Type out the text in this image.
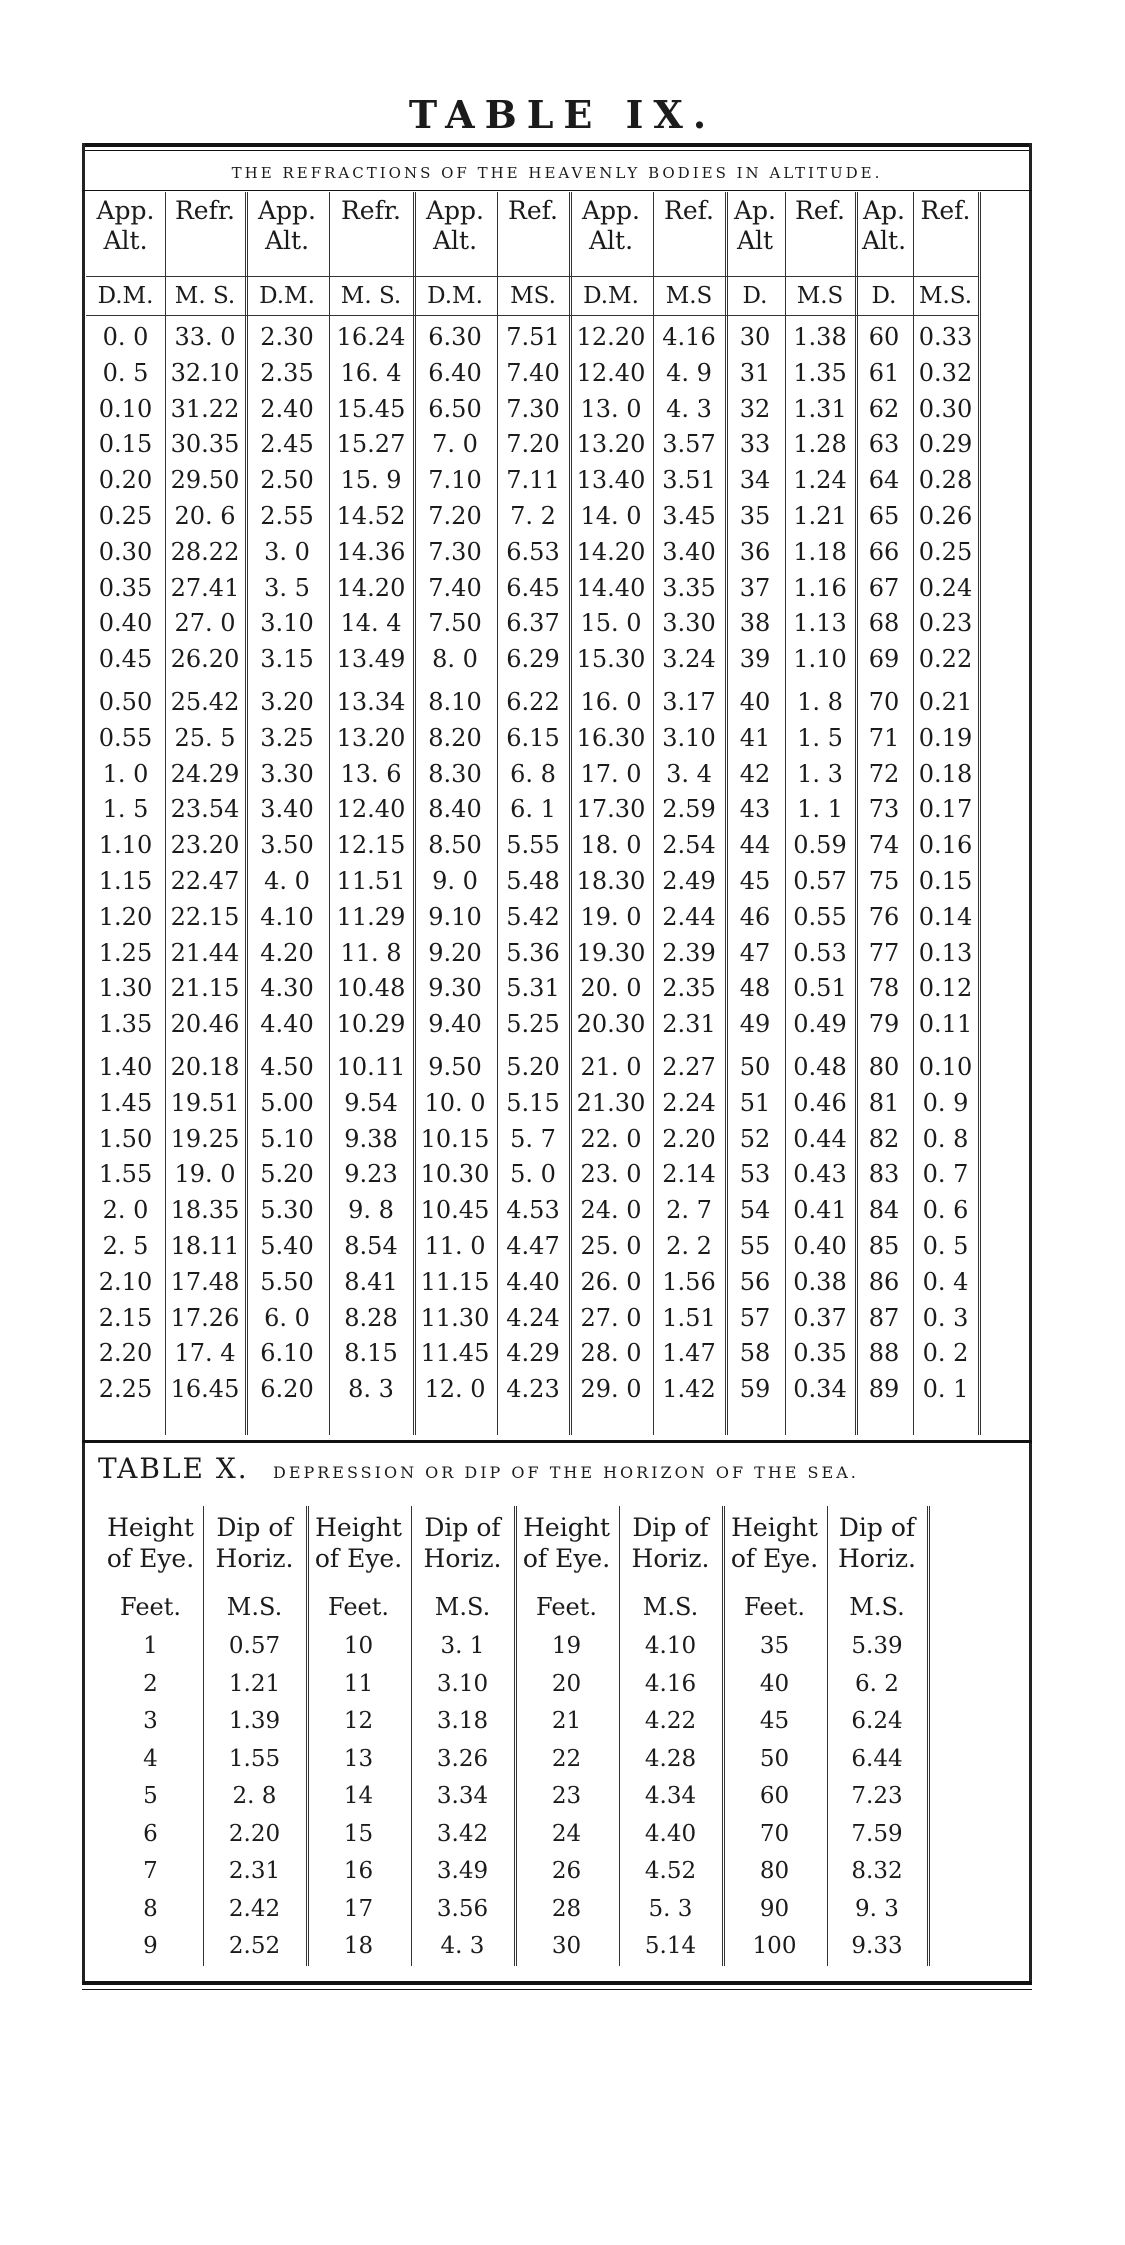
TABLE IX.
THE REFRACTIONS OF THE HEAVENLY BODIES IN ALTITUDE.
App. Alt.
D.M.
0. 0
0. 5
0.10
0.15
0.20
0.25
0.30
0.35
0.40
0.45
0.50
0.55
1. 0
1. 5
1.10
1.15
1.20
1.25
1.30
1.35
1.40
1.45
1.50
1.55
2. 0
2. 5
2.10
2.15
2.20
2.25
Refr.
M. S.
33. 0
32.10
31.22
30.35
29.50
20. 6
28.22
27.41
27. 0
26.20
25.42
25. 5
24.29
23.54
23.20
22.47
22.15
21.44
21.15
20.46
20.18
19.51
19.25
19. 0
18.35
18.11
17.48
17.26
17. 4
16.45
App. Alt.
D.M.
2.30
2.35
2.40
2.45
2.50
2.55
3. 0
3. 5
3.10
3.15
3.20
3.25
3.30
3.40
3.50
4. 0
4.10
4.20
4.30
4.40
4.50
5.00
5.10
5.20
5.30
5.40
5.50
6. 0
6.10
6.20
Refr.
M. S.
16.24
16. 4
15.45
15.27
15. 9
14.52
14.36
14.20
14. 4
13.49
13.34
13.20
13. 6
12.40
12.15
11.51
11.29
11. 8
10.48
10.29
10.11
9.54
9.38
9.23
9. 8
8.54
8.41
8.28
8.15
8. 3
App. Alt.
D.M.
6.30
6.40
6.50
7. 0
7.10
7.20
7.30
7.40
7.50
8. 0
8.10
8.20
8.30
8.40
8.50
9. 0
9.10
9.20
9.30
9.40
9.50
10. 0
10.15
10.30
10.45
11. 0
11.15
11.30
11.45
12. 0
Ref.
MS.
7.51
7.40
7.30
7.20
7.11
7. 2
6.53
6.45
6.37
6.29
6.22
6.15
6. 8
6. 1
5.55
5.48
5.42
5.36
5.31
5.25
5.20
5.15
5. 7
5. 0
4.53
4.47
4.40
4.24
4.29
4.23
App. Alt.
D.M.
12.20
12.40
13. 0
13.20
13.40
14. 0
14.20
14.40
15. 0
15.30
16. 0
16.30
17. 0
17.30
18. 0
18.30
19. 0
19.30
20. 0
20.30
21. 0
21.30
22. 0
23. 0
24. 0
25. 0
26. 0
27. 0
28. 0
29. 0
Ref.
M.S
4.16
4. 9
4. 3
3.57
3.51
3.45
3.40
3.35
3.30
3.24
3.17
3.10
3. 4
2.59
2.54
2.49
2.44
2.39
2.35
2.31
2.27
2.24
2.20
2.14
2. 7
2. 2
1.56
1.51
1.47
1.42
Ap. Alt
D.
30
31
32
33
34
35
36
37
38
39
40
41
42
43
44
45
46
47
48
49
50
51
52
53
54
55
56
57
58
59
Ref.
M.S
1.38
1.35
1.31
1.28
1.24
1.21
1.18
1.16
1.13
1.10
1. 8
1. 5
1. 3
1. 1
0.59
0.57
0.55
0.53
0.51
0.49
0.48
0.46
0.44
0.43
0.41
0.40
0.38
0.37
0.35
0.34
Ap. Alt.
D.
60
61
62
63
64
65
66
67
68
69
70
71
72
73
74
75
76
77
78
79
80
81
82
83
84
85
86
87
88
89
Ref.
M.S.
0.33
0.32
0.30
0.29
0.28
0.26
0.25
0.24
0.23
0.22
0.21
0.19
0.18
0.17
0.16
0.15
0.14
0.13
0.12
0.11
0.10
0. 9
0. 8
0. 7
0. 6
0. 5
0. 4
0. 3
0. 2
0. 1
TABLE X. DEPRESSION OR DIP OF THE HORIZON OF THE SEA.
Height of Eye.
Feet.
1
2
3
4
5
6
7
8
9
Dip of Horiz.
M.S.
0.57
1.21
1.39
1.55
2. 8
2.20
2.31
2.42
2.52
Height of Eye.
Feet.
10
11
12
13
14
15
16
17
18
Dip of Horiz.
M.S.
3. 1
3.10
3.18
3.26
3.34
3.42
3.49
3.56
4. 3
Height of Eye.
Feet.
19
20
21
22
23
24
26
28
30
Dip of Horiz.
M.S.
4.10
4.16
4.22
4.28
4.34
4.40
4.52
5. 3
5.14
Height of Eye.
Feet.
35
40
45
50
60
70
80
90
100
Dip of Horiz.
M.S.
5.39
6. 2
6.24
6.44
7.23
7.59
8.32
9. 3
9.33
